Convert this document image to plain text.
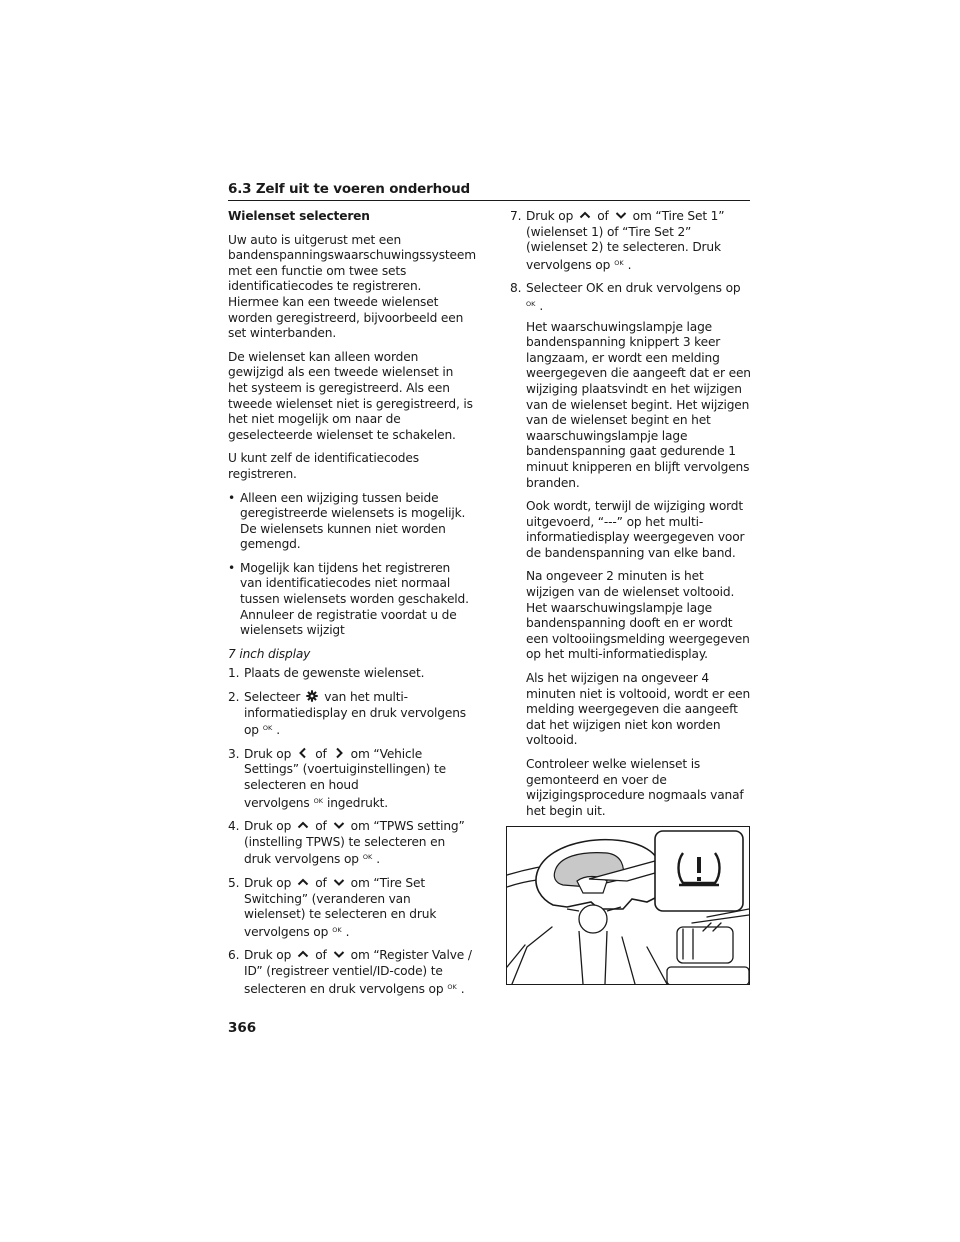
6.3 Zelf uit te voeren onderhoud
Wielenset selecteren

Uw auto is uitgerust met een bandenspanningswaarschuwingssysteem met een functie om twee sets identificatiecodes te registreren. Hiermee kan een tweede wielenset worden geregistreerd, bijvoorbeeld een set winterbanden.

De wielenset kan alleen worden gewijzigd als een tweede wielenset in het systeem is geregistreerd. Als een tweede wielenset niet is geregistreerd, is het niet mogelijk om naar de geselecteerde wielenset te schakelen.

U kunt zelf de identificatiecodes registreren.

• Alleen een wijziging tussen beide geregistreerde wielensets is mogelijk. De wielensets kunnen niet worden gemengd.
• Mogelijk kan tijdens het registreren van identificatiecodes niet normaal tussen wielensets worden geschakeld. Annuleer de registratie voordat u de wielensets wijzigt
7 inch display
1. Plaats de gewenste wielenset.
2. Selecteer van het multi-informatiedisplay en druk vervolgens op $^{OK}$ .
3. Druk op of om “Vehicle Settings” (voertuiginstellingen) te selecteren en houd vervolgens $^{OK}$ ingedrukt.
4. Druk op of om “TPWS setting” (instelling TPWS) te selecteren en druk vervolgens op $^{OK}$ .
5. Druk op of om “Tire Set Switching” (veranderen van wielenset) te selecteren en druk vervolgens op $^{OK}$ .
6. Druk op of om “Register Valve / ID” (registreer ventiel/ID-code) te selecteren en druk vervolgens op $^{OK}$ .
7. Druk op of om “Tire Set 1” (wielenset 1) of “Tire Set 2” (wielenset 2) te selecteren. Druk vervolgens op $^{OK}$ .
8. Selecteer OK en druk vervolgens op
$^{OK}$ .

Het waarschuwingslampje lage bandenspanning knippert 3 keer langzaam, er wordt een melding weergegeven die aangeeft dat er een wijziging plaatsvindt en het wijzigen van de wielenset begint. Het wijzigen van de wielenset begint en het waarschuwingslampje lage bandenspanning gaat gedurende 1 minuut knipperen en blijft vervolgens branden.

Ook wordt, terwijl de wijziging wordt uitgevoerd, “---” op het multi-informatiedisplay weergegeven voor de bandenspanning van elke band.

Na ongeveer 2 minuten is het wijzigen van de wielenset voltooid. Het waarschuwingslampje lage bandenspanning dooft en er wordt een voltooiingsmelding weergegeven op het multi-informatiedisplay.

Als het wijzigen na ongeveer 4 minuten niet is voltooid, wordt er een melding weergegeven die aangeeft dat het wijzigen niet kon worden voltooid.

Controleer welke wielenset is gemonteerd en voer de wijzigingsprocedure nogmaals vanaf het begin uit.

366
